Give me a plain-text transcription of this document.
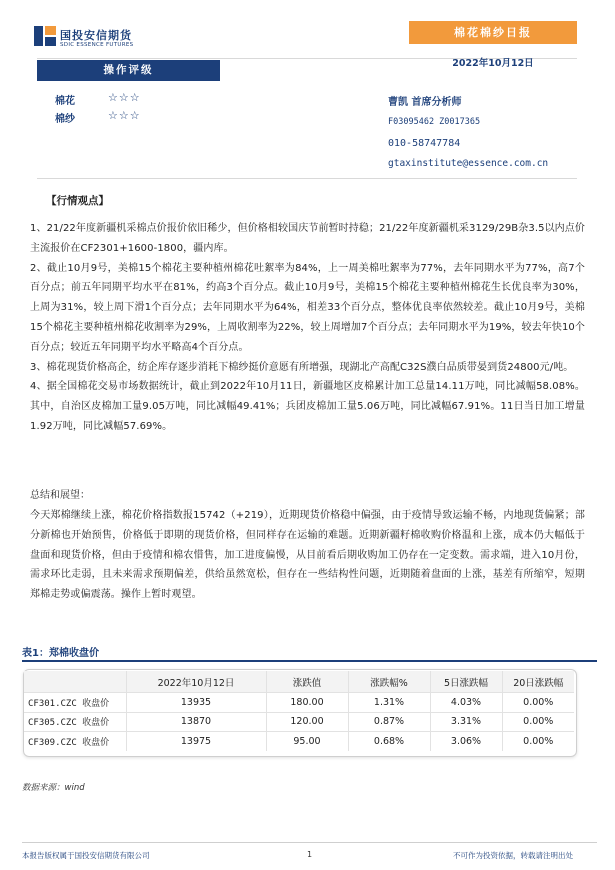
国投安信期货
SDIC ESSENCE FUTURES
棉花棉纱日报
2022年10月12日
操作评级
棉花	☆☆☆
棉纱	☆☆☆
曹凯 首席分析师
F03095462 Z0017365
010-58747784
gtaxinstitute@essence.com.cn
【行情观点】

1、21/22年度新疆机采棉点价报价依旧稀少，但价格相较国庆节前暂时持稳；21/22年度新疆机采3129/29B杂3.5以内点价主流报价在CF2301+1600-1800，疆内库。

2、截止10月9号，美棉15个棉花主要种植州棉花吐絮率为84%，上一周美棉吐絮率为77%，去年同期水平为77%，高7个百分点；前五年同期平均水平在81%，约高3个百分点。截止10月9号，美棉15个棉花主要种植州棉花生长优良率为30%，上周为31%，较上周下滑1个百分点；去年同期水平为64%，相差33个百分点，整体优良率依然较差。截止10月9号，美棉15个棉花主要种植州棉花收割率为29%，上周收割率为22%，较上周增加7个百分点；去年同期水平为19%，较去年快10个百分点；较近五年同期平均水平略高4个百分点。

3、棉花现货价格高企，纺企库存逐步消耗下棉纱挺价意愿有所增强，现湖北产高配C32S濮白品质带晏到货24800元/吨。

4、据全国棉花交易市场数据统计，截止到2022年10月11日，新疆地区皮棉累计加工总量14.11万吨，同比减幅58.08%。其中，自治区皮棉加工量9.05万吨，同比减幅49.41%；兵团皮棉加工量5.06万吨，同比减幅67.91%。11日当日加工增量1.92万吨，同比减幅57.69%。

总结和展望：

今天郑棉继续上涨，棉花价格指数报15742（+219），近期现货价格稳中偏强，由于疫情导致运输不畅，内地现货偏紧；部分新棉也开始预售，价格低于即期的现货价格，但同样存在运输的难题。近期新疆籽棉收购价格温和上涨，成本仍大幅低于盘面和现货价格，但由于疫情和棉农惜售，加工进度偏慢，从目前看后期收购加工仍存在一定变数。需求端，进入10月份，需求环比走弱，且未来需求预期偏差，供给虽然宽松，但存在一些结构性问题，近期随着盘面的上涨，基差有所缩窄，短期郑棉走势或偏震荡。操作上暂时观望。

表1：郑棉收盘价
	2022年10月12日	涨跌值	涨跌幅%	5日涨跌幅	20日涨跌幅
CF301.CZC 收盘价	13935	180.00	1.31%	4.03%	0.00%
CF305.CZC 收盘价	13870	120.00	0.87%	3.31%	0.00%
CF309.CZC 收盘价	13975	95.00	0.68%	3.06%	0.00%
数据来源：wind
本报告版权属于国投安信期货有限公司	1	不可作为投资依据，转载请注明出处
